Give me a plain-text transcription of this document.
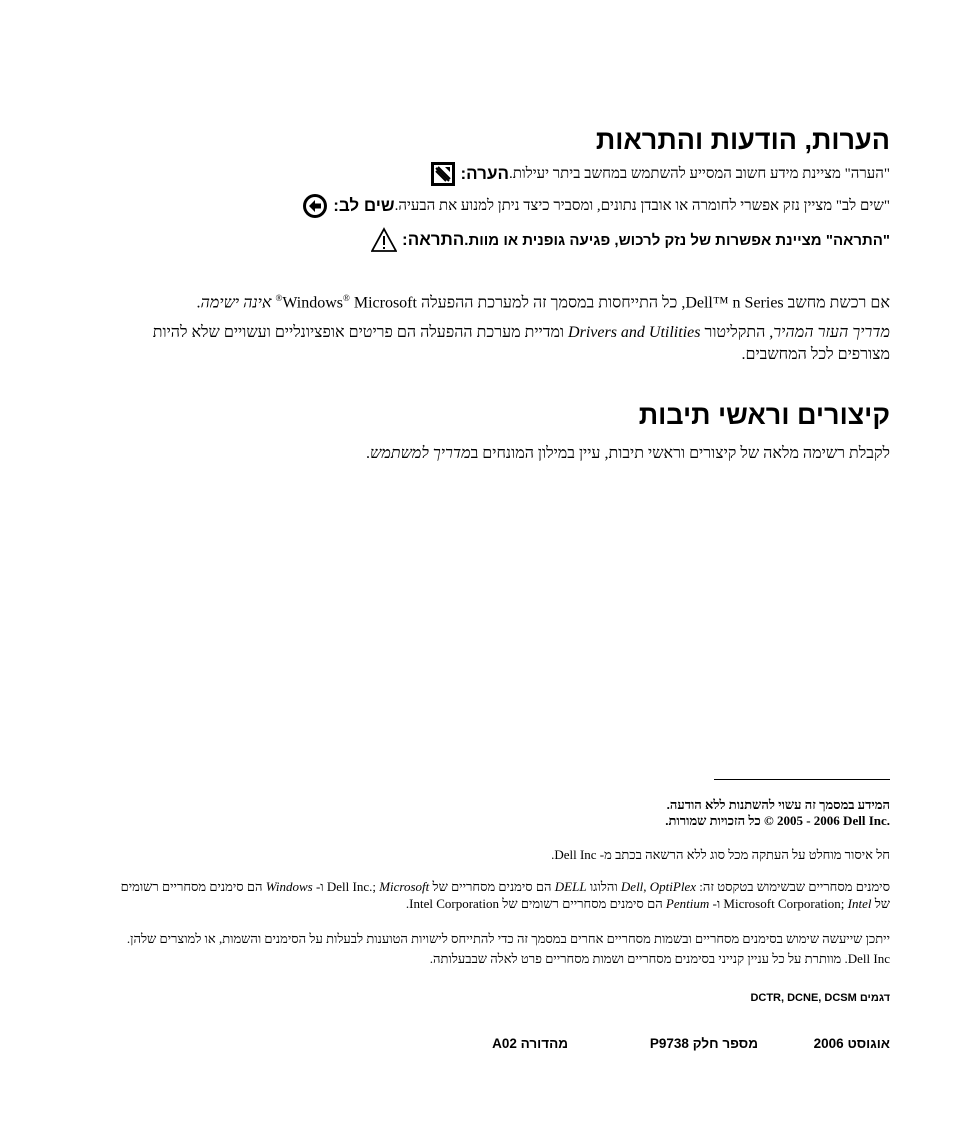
הערות, הודעות והתראות
הערה: "הערה" מציינת מידע חשוב המסייע להשתמש במחשב ביתר יעילות.
שים לב: "שים לב" מציין נזק אפשרי לחומרה או אובדן נתונים, ומסביר כיצד ניתן למנוע את הבעיה.
התראה: "התראה" מציינת אפשרות של נזק לרכוש, פגיעה גופנית או מוות.
אם רכשת מחשב Dell™ n Series, כל התייחסות במסמך זה למערכת ההפעלה Windows® Microsoft® אינה ישימה.
מדריך העזר המהיר, התקליטור Drivers and Utilities ומדיית מערכת ההפעלה הם פריטים אופציונליים ועשויים שלא להיות מצורפים לכל המחשבים.
קיצורים וראשי תיבות
לקבלת רשימה מלאה של קיצורים וראשי תיבות, עיין במילון המונחים במדריך למשתמש.
המידע במסמך זה עשוי להשתנות ללא הודעה.
‎© 2005 - 2006 Dell Inc.‎ כל הזכויות שמורות.
חל איסור מוחלט על העתקה מכל סוג ללא הרשאה בכתב מ- Dell Inc.
סימנים מסחריים שבשימוש בטקסט זה: Dell, OptiPlex והלוגו DELL הם סימנים מסחריים של Dell Inc.; Microsoft ו- Windows הם סימנים מסחריים רשומים של Microsoft Corporation; Intel ו- Pentium הם סימנים מסחריים רשומים של Intel Corporation.
ייתכן שייעשה שימוש בסימנים מסחריים ובשמות מסחריים אחרים במסמך זה כדי להתייחס לישויות הטוענות לבעלות על הסימנים והשמות, או למוצרים שלהן. Dell Inc. מוותרת על כל עניין קנייני בסימנים מסחריים ושמות מסחריים פרט לאלה שבבעלותה.
דגמים DCTR, DCNE, DCSM
אוגוסט 2006
מספר חלק P9738
מהדורה A02
